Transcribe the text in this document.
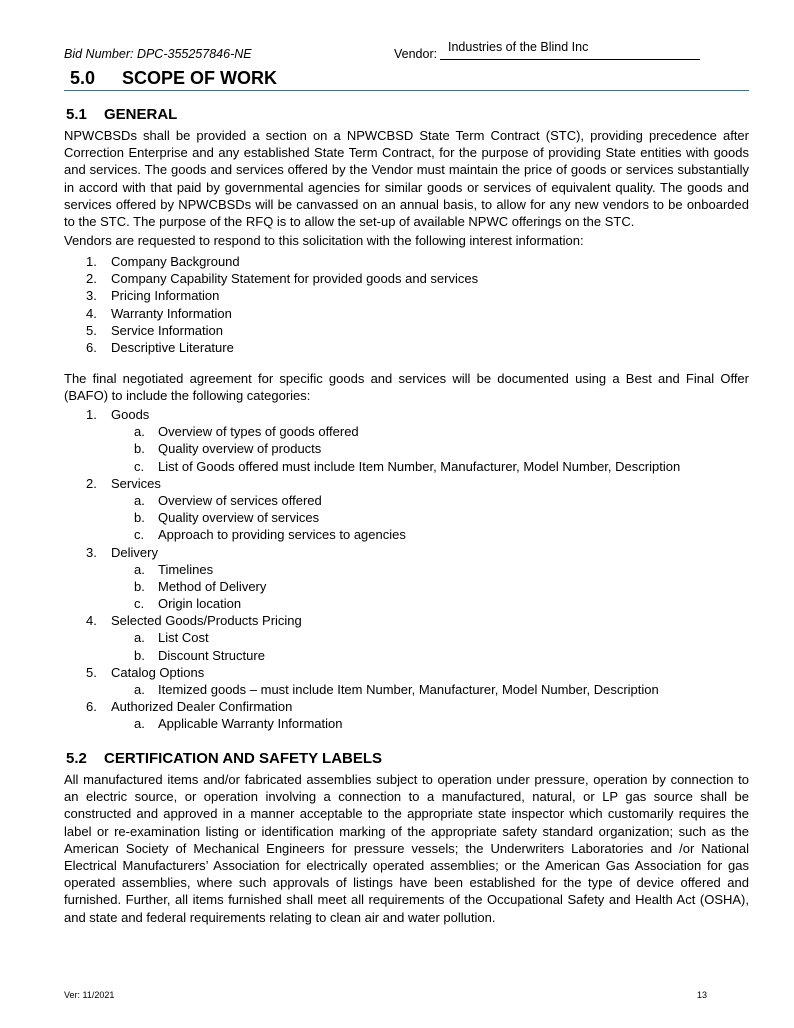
Bid Number: DPC-355257846-NE	Vendor: Industries of the Blind Inc
5.0 SCOPE OF WORK
5.1 GENERAL
NPWCBSDs shall be provided a section on a NPWCBSD State Term Contract (STC), providing precedence after Correction Enterprise and any established State Term Contract, for the purpose of providing State entities with goods and services. The goods and services offered by the Vendor must maintain the price of goods or services substantially in accord with that paid by governmental agencies for similar goods or services of equivalent quality. The goods and services offered by NPWCBSDs will be canvassed on an annual basis, to allow for any new vendors to be onboarded to the STC. The purpose of the RFQ is to allow the set-up of available NPWC offerings on the STC.
Vendors are requested to respond to this solicitation with the following interest information:
1. Company Background
2. Company Capability Statement for provided goods and services
3. Pricing Information
4. Warranty Information
5. Service Information
6. Descriptive Literature
The final negotiated agreement for specific goods and services will be documented using a Best and Final Offer (BAFO) to include the following categories:
1. Goods
a. Overview of types of goods offered
b. Quality overview of products
c. List of Goods offered must include Item Number, Manufacturer, Model Number, Description
2. Services
a. Overview of services offered
b. Quality overview of services
c. Approach to providing services to agencies
3. Delivery
a. Timelines
b. Method of Delivery
c. Origin location
4. Selected Goods/Products Pricing
a. List Cost
b. Discount Structure
5. Catalog Options
a. Itemized goods – must include Item Number, Manufacturer, Model Number, Description
6. Authorized Dealer Confirmation
a. Applicable Warranty Information
5.2 CERTIFICATION AND SAFETY LABELS
All manufactured items and/or fabricated assemblies subject to operation under pressure, operation by connection to an electric source, or operation involving a connection to a manufactured, natural, or LP gas source shall be constructed and approved in a manner acceptable to the appropriate state inspector which customarily requires the label or re-examination listing or identification marking of the appropriate safety standard organization; such as the American Society of Mechanical Engineers for pressure vessels; the Underwriters Laboratories and /or National Electrical Manufacturers’ Association for electrically operated assemblies; or the American Gas Association for gas operated assemblies, where such approvals of listings have been established for the type of device offered and furnished. Further, all items furnished shall meet all requirements of the Occupational Safety and Health Act (OSHA), and state and federal requirements relating to clean air and water pollution.
Ver: 11/2021	13
